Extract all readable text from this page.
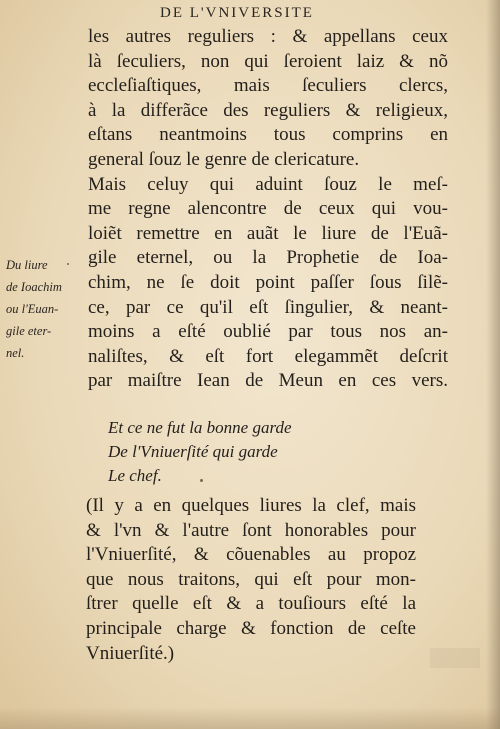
DE L'VNIVERSITE
les autres reguliers : & appellans ceux
là ſeculiers, non qui ſeroient laiz & nõ
eccleſiaſtiques, mais ſeculiers clercs,
à la differãce des reguliers & religieux,
eſtans neantmoins tous comprins en
general ſouz le genre de clericature.
Mais celuy qui aduint ſouz le meſ-
me regne alencontre de ceux qui vou-
loiẽt remettre en auãt le liure de l'Euã-
gile eternel, ou la Prophetie de Ioa-
chim, ne ſe doit point paſſer ſous ſilẽ-
ce, par ce qu'il eſt ſingulier, & neant-
moins a eſté oublié par tous nos an-
naliſtes, & eſt fort elegammẽt deſcrit
par maiſtre Iean de Meun en ces vers.
Du liure
de Ioachim
ou l'Euan-
gile eter-
nel.
Et ce ne fut la bonne garde
De l'Vniuerſité qui garde
Le chef.
(Il y a en quelques liures la clef, mais
& l'vn & l'autre ſont honorables pour
l'Vniuerſité, & cõuenables au propoz
que nous traitons, qui eſt pour mon-
ſtrer quelle eſt & a touſiours eſté la
principale charge & fonction de ceſte
Vniuerſité.)
